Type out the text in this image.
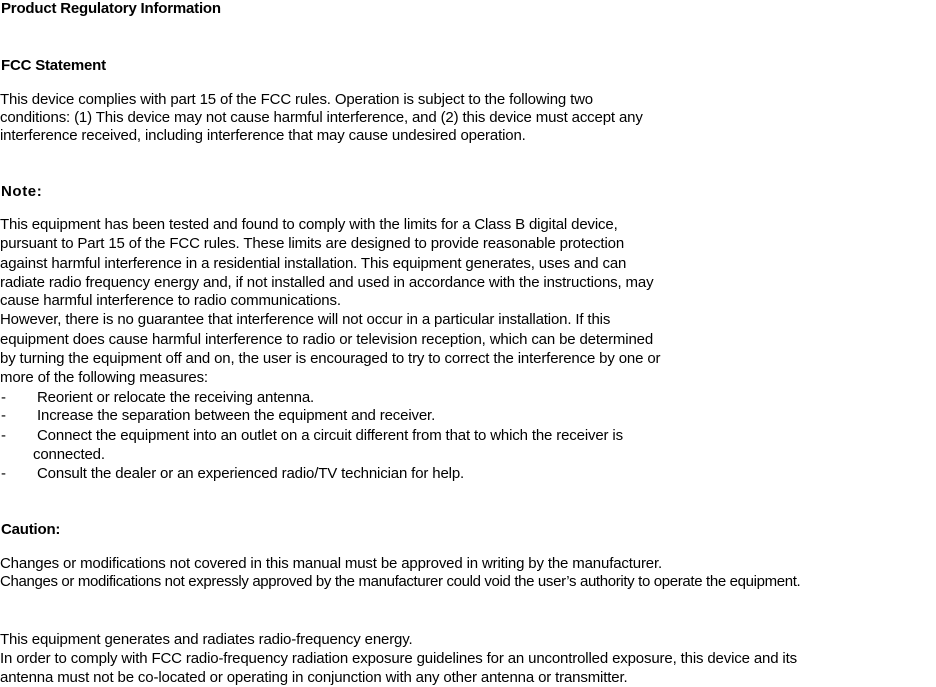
Product Regulatory Information
FCC Statement
This device complies with part 15 of the FCC rules. Operation is subject to the following two
conditions: (1) This device may not cause harmful interference, and (2) this device must accept any
interference received, including interference that may cause undesired operation.
Note:
This equipment has been tested and found to comply with the limits for a Class B digital device,
pursuant to Part 15 of the FCC rules. These limits are designed to provide reasonable protection
against harmful interference in a residential installation. This equipment generates, uses and can
radiate radio frequency energy and, if not installed and used in accordance with the instructions, may
cause harmful interference to radio communications.
However, there is no guarantee that interference will not occur in a particular installation. If this
equipment does cause harmful interference to radio or television reception, which can be determined
by turning the equipment off and on, the user is encouraged to try to correct the interference by one or
more of the following measures:
- Reorient or relocate the receiving antenna.
- Increase the separation between the equipment and receiver.
- Connect the equipment into an outlet on a circuit different from that to which the receiver is
connected.
- Consult the dealer or an experienced radio/TV technician for help.
Caution:
Changes or modifications not covered in this manual must be approved in writing by the manufacturer.
Changes or modifications not expressly approved by the manufacturer could void the user’s authority to operate the equipment.
This equipment generates and radiates radio-frequency energy.
In order to comply with FCC radio-frequency radiation exposure guidelines for an uncontrolled exposure, this device and its
antenna must not be co-located or operating in conjunction with any other antenna or transmitter.
